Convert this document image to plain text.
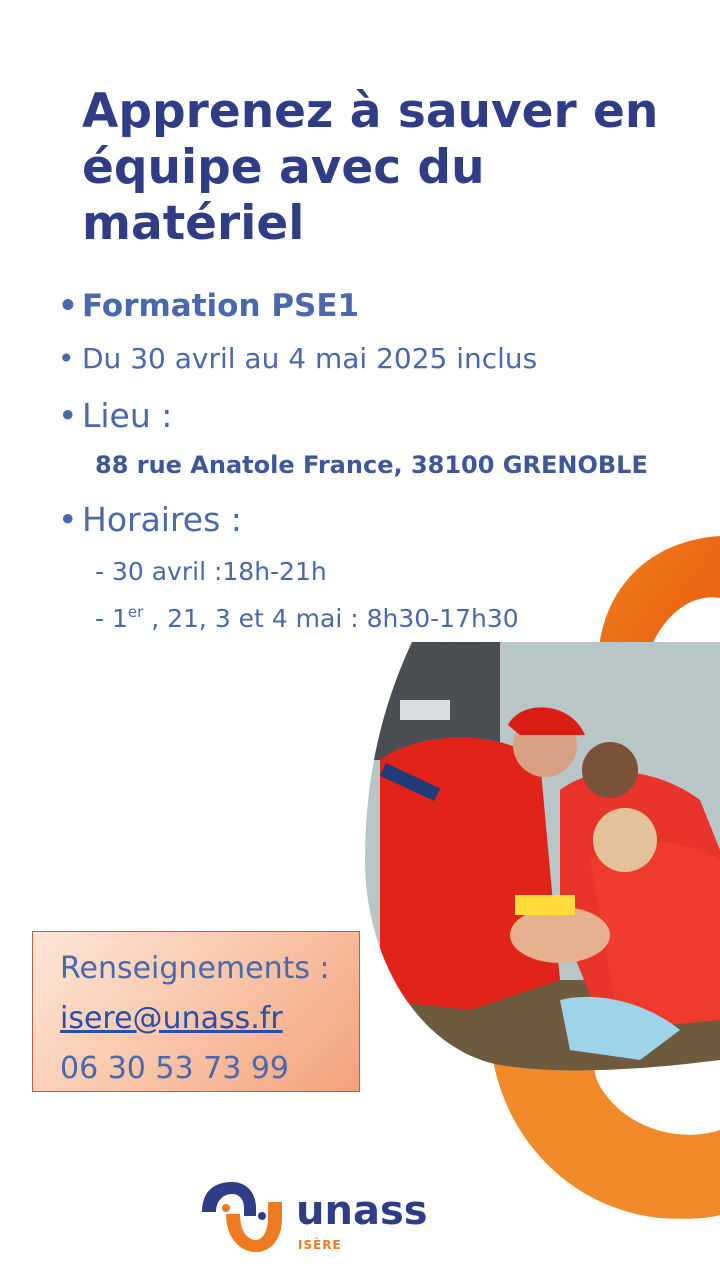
Apprenez à sauver en équipe avec du matériel
• Formation PSE1
• Du 30 avril au 4 mai 2025 inclus
• Lieu :
88 rue Anatole France, 38100 GRENOBLE
• Horaires :
- 30 avril :18h-21h
- 1er , 21, 3 et 4 mai : 8h30-17h30
Renseignements :
isere@unass.fr
06 30 53 73 99
unass
ISÈRE
